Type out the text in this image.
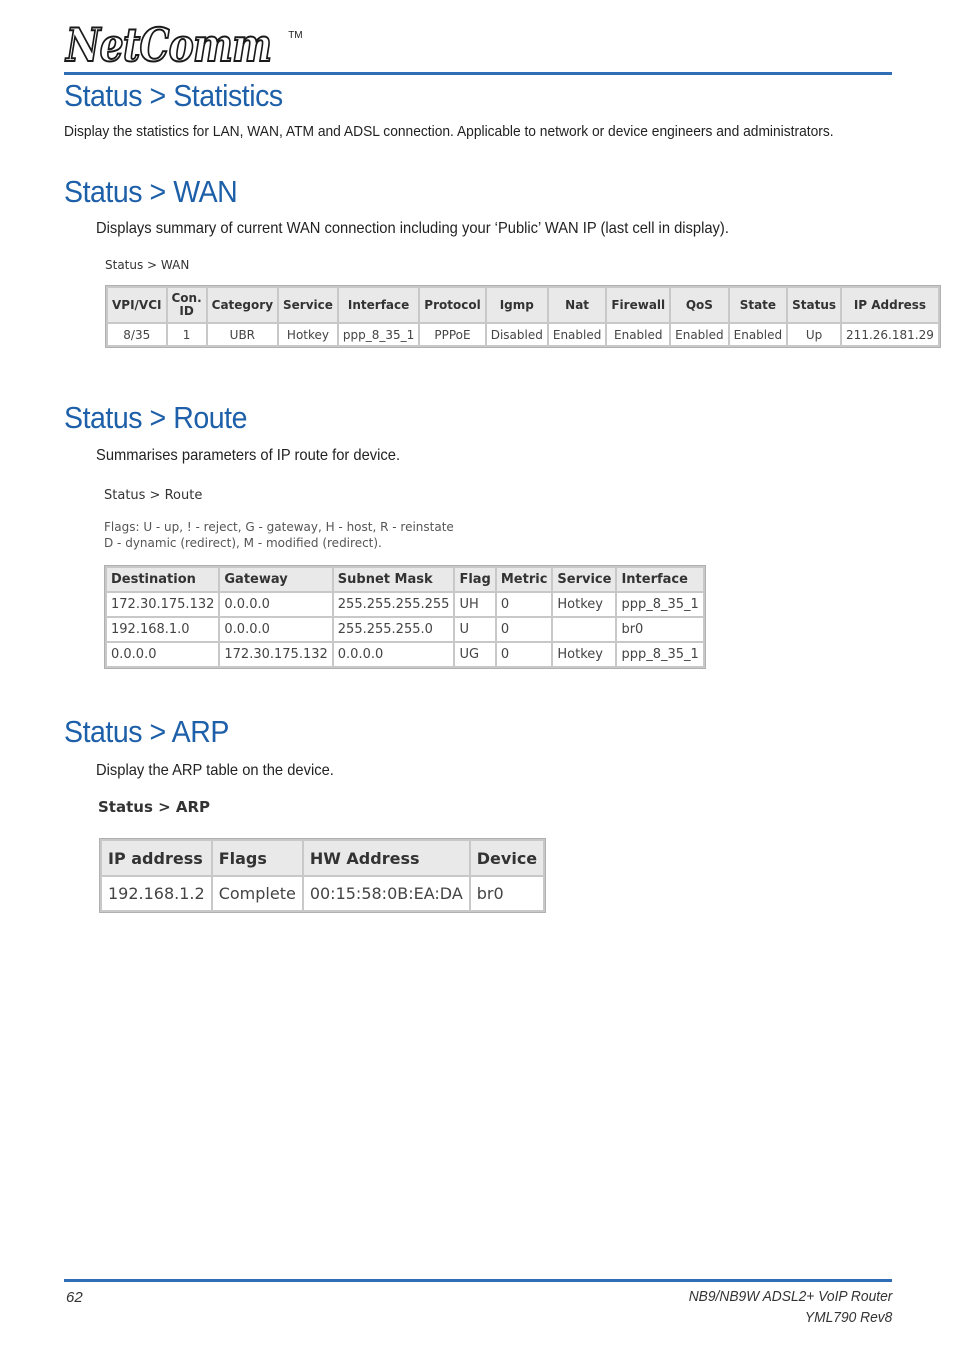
NetComm TM
Status > Statistics
Display the statistics for LAN, WAN, ATM and ADSL connection. Applicable to network or device engineers and administrators.
Status > WAN
Displays summary of current WAN connection including your ‘Public’ WAN IP (last cell in display).
Status > WAN
VPI/VCI	Con. ID	Category	Service	Interface	Protocol	Igmp	Nat	Firewall	QoS	State	Status	IP Address
8/35	1	UBR	Hotkey	ppp_8_35_1	PPPoE	Disabled	Enabled	Enabled	Enabled	Enabled	Up	211.26.181.29
Status > Route
Summarises parameters of IP route for device.
Status > Route
Flags: U - up, ! - reject, G - gateway, H - host, R - reinstate
D - dynamic (redirect), M - modified (redirect).
Destination	Gateway	Subnet Mask	Flag	Metric	Service	Interface
172.30.175.132	0.0.0.0	255.255.255.255	UH	0	Hotkey	ppp_8_35_1
192.168.1.0	0.0.0.0	255.255.255.0	U	0		br0
0.0.0.0	172.30.175.132	0.0.0.0	UG	0	Hotkey	ppp_8_35_1
Status > ARP
Display the ARP table on the device.
Status > ARP
IP address	Flags	HW Address	Device
192.168.1.2	Complete	00:15:58:0B:EA:DA	br0
62	NB9/NB9W ADSL2+ VoIP Router
YML790 Rev8
